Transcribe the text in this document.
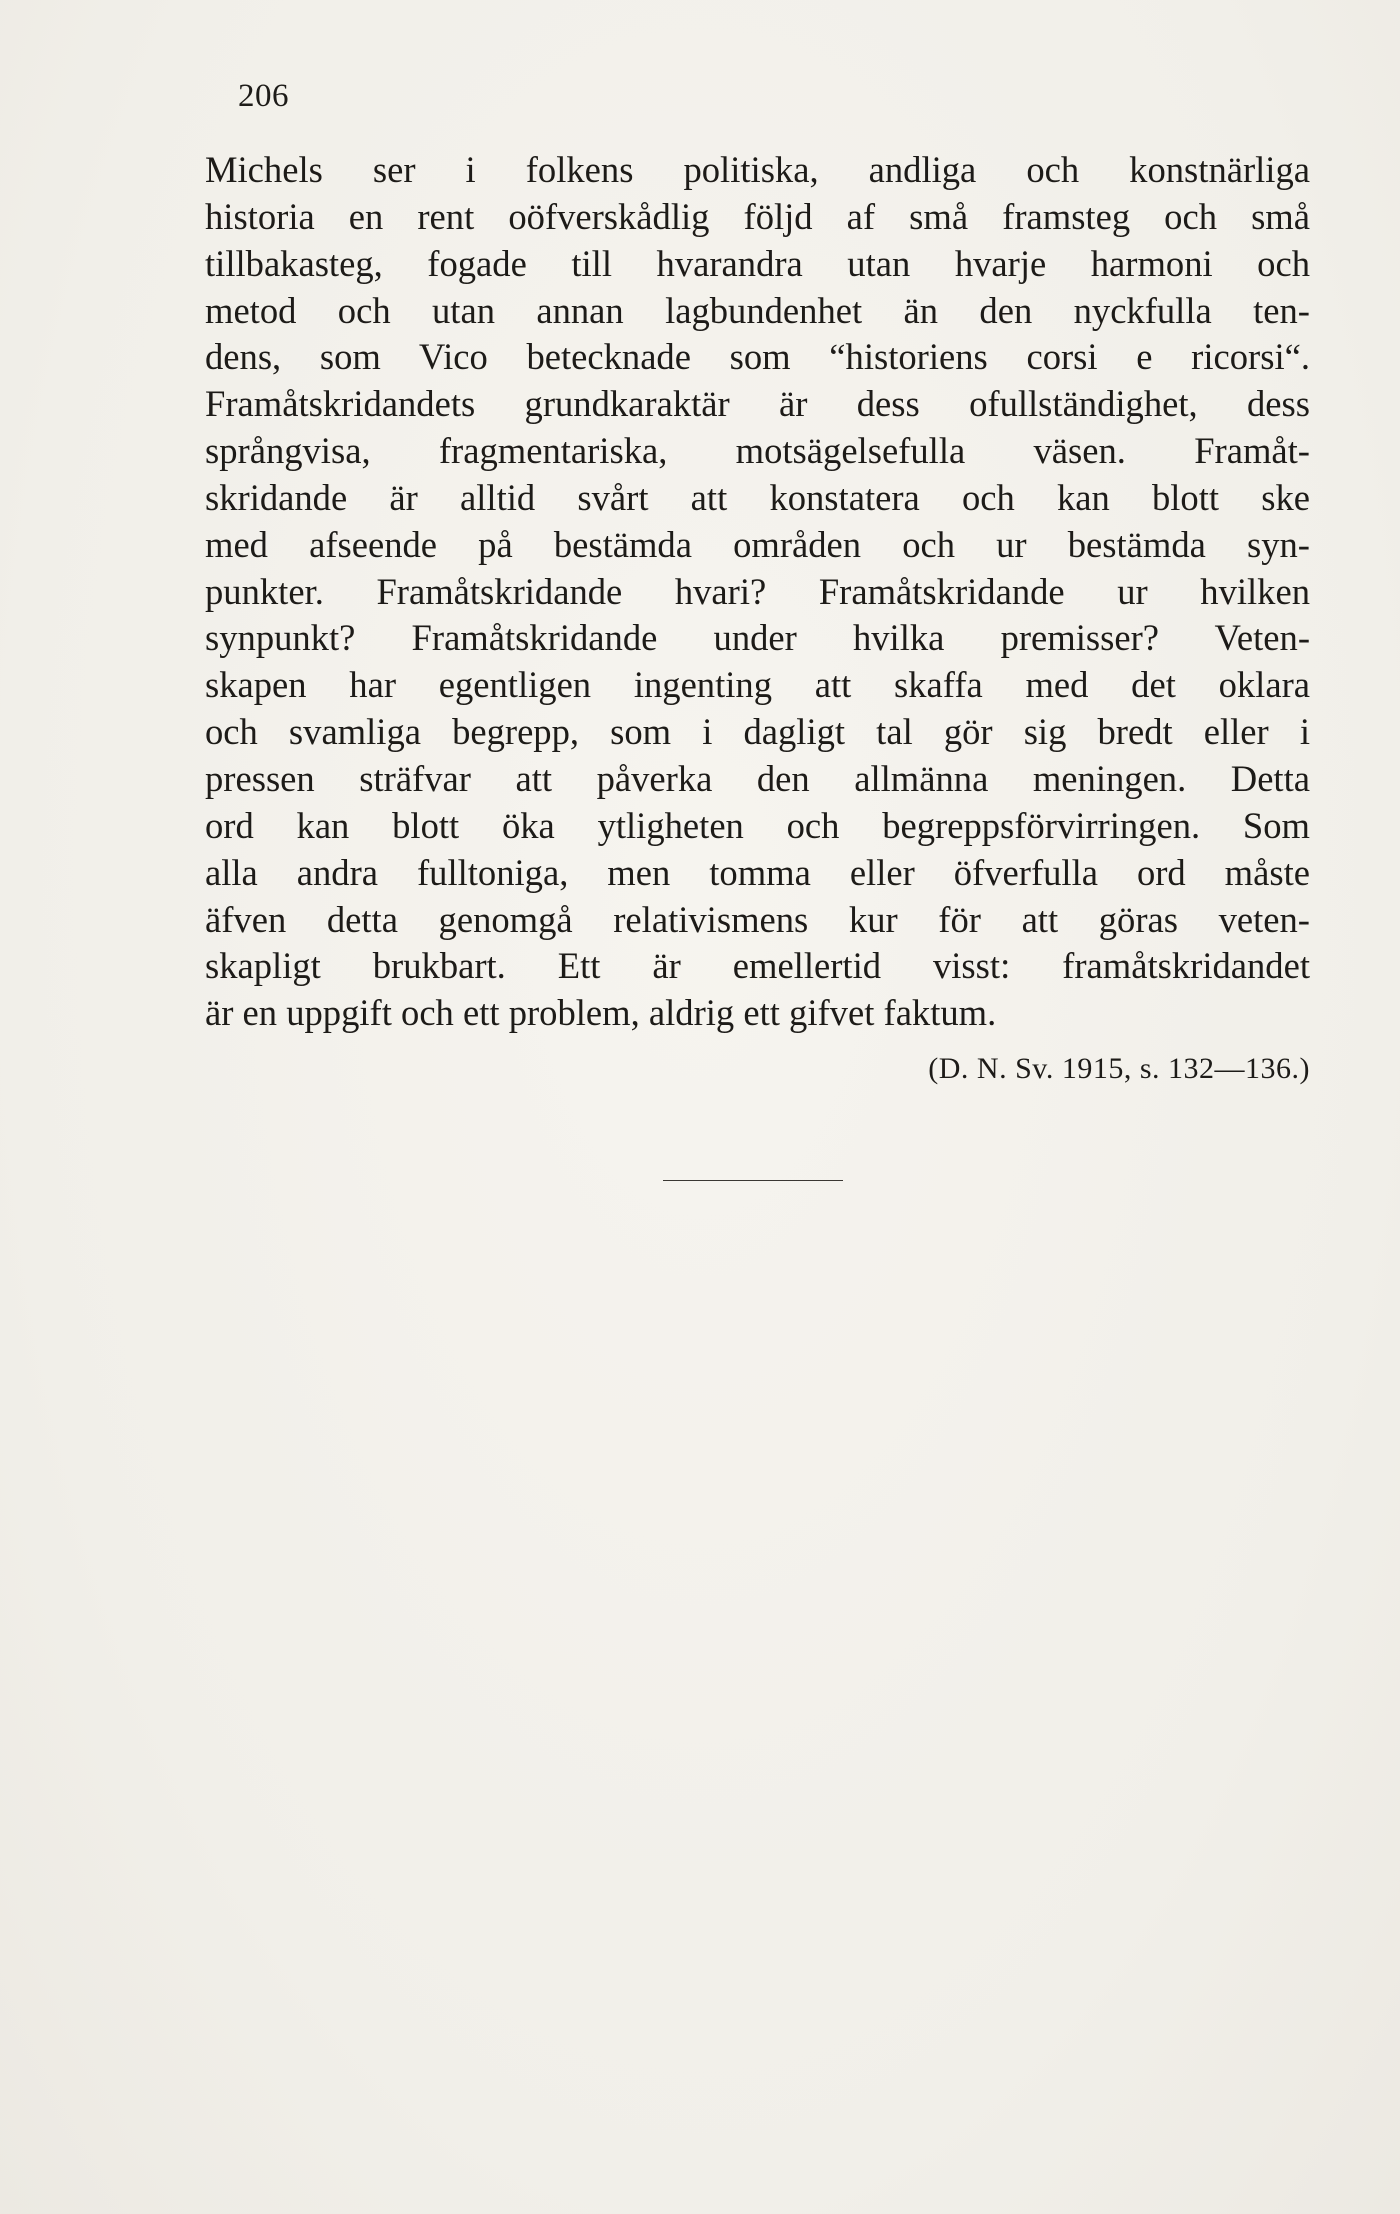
206

Michels ser i folkens politiska, andliga och konstnärliga
historia en rent oöfverskådlig följd af små framsteg och små
tillbakasteg, fogade till hvarandra utan hvarje harmoni och
metod och utan annan lagbundenhet än den nyckfulla ten-
dens, som Vico betecknade som “historiens corsi e ricorsi“.
Framåtskridandets grundkaraktär är dess ofullständighet, dess
språngvisa, fragmentariska, motsägelsefulla väsen. Framåt-
skridande är alltid svårt att konstatera och kan blott ske
med afseende på bestämda områden och ur bestämda syn-
punkter. Framåtskridande hvari? Framåtskridande ur hvilken
synpunkt? Framåtskridande under hvilka premisser? Veten-
skapen har egentligen ingenting att skaffa med det oklara
och svamliga begrepp, som i dagligt tal gör sig bredt eller i
pressen sträfvar att påverka den allmänna meningen. Detta
ord kan blott öka ytligheten och begreppsförvirringen. Som
alla andra fulltoniga, men tomma eller öfverfulla ord måste
äfven detta genomgå relativismens kur för att göras veten-
skapligt brukbart. Ett är emellertid visst: framåtskridandet
är en uppgift och ett problem, aldrig ett gifvet faktum.

(D. N. Sv. 1915, s. 132—136.)
